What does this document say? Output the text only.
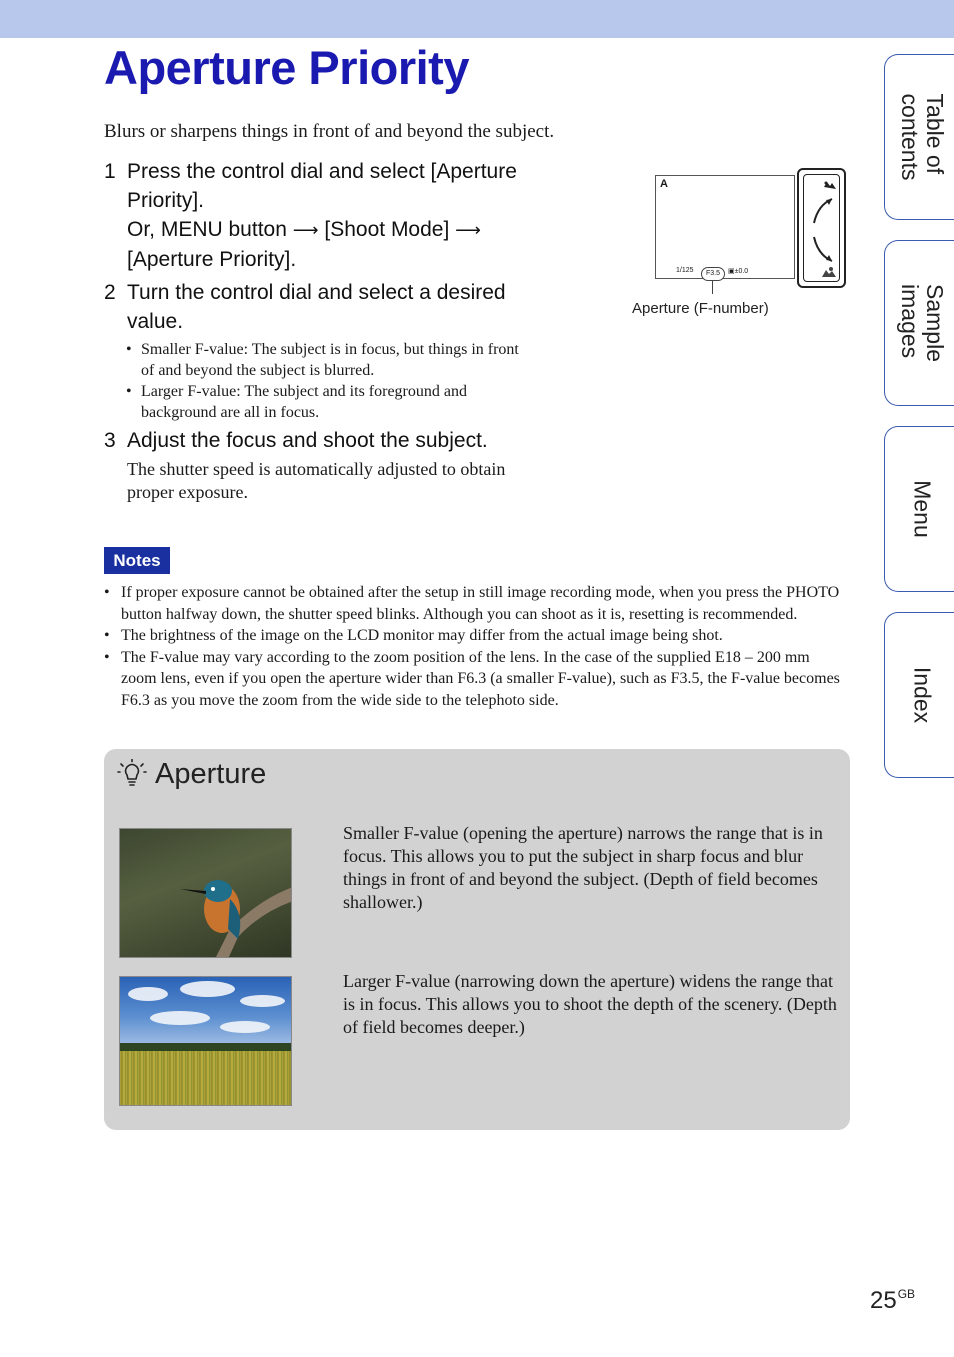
Aperture Priority

Blurs or sharpens things in front of and beyond the subject.

1 Press the control dial and select [Aperture
Priority].
Or, MENU button ⟶ [Shoot Mode] ⟶
[Aperture Priority].
2 Turn the control dial and select a desired
value.
• Smaller F-value: The subject is in focus, but things in front
of and beyond the subject is blurred.
• Larger F-value: The subject and its foreground and
background are all in focus.
3 Adjust the focus and shoot the subject.
The shutter speed is automatically adjusted to obtain
proper exposure.
A
1/125	▣±0.0
F3.5
Aperture (F-number)
Notes
• If proper exposure cannot be obtained after the setup in still image recording mode, when you press the PHOTO button halfway down, the shutter speed blinks. Although you can shoot as it is, resetting is recommended.
• The brightness of the image on the LCD monitor may differ from the actual image being shot.
• The F-value may vary according to the zoom position of the lens. In the case of the supplied E18 – 200 mm zoom lens, even if you open the aperture wider than F6.3 (a smaller F-value), such as F3.5, the F-value becomes F6.3 as you move the zoom from the wide side to the telephoto side.
Aperture

Smaller F-value (opening the aperture) narrows the range that is in focus. This allows you to put the subject in sharp focus and blur things in front of and beyond the subject. (Depth of field becomes shallower.)

Larger F-value (narrowing down the aperture) widens the range that is in focus. This allows you to shoot the depth of the scenery. (Depth of field becomes deeper.)

Table of
contents
Sample
images
Menu
Index
$25^{GB}$
